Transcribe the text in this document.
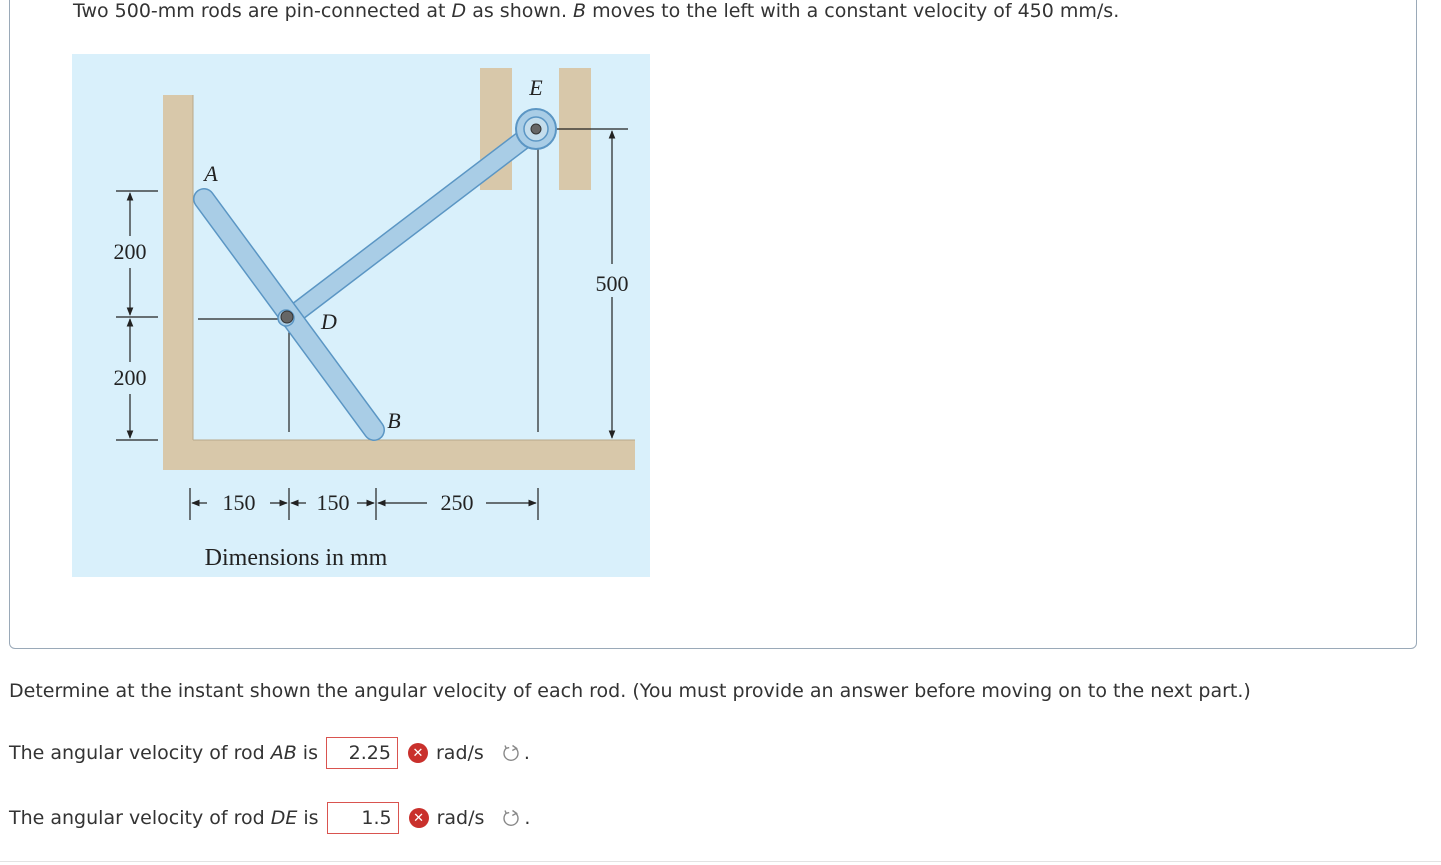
Two 500-mm rods are pin-connected at D as shown. B moves to the left with a constant velocity of 450 mm/s.
A
B
D
E
200
200
500
150	150	250
Dimensions in mm
Determine at the instant shown the angular velocity of each rod. (You must provide an answer before moving on to the next part.)
The angular velocity of rod AB is
2.25	✕ rad/s .
The angular velocity of rod DE is
1.5	✕ rad/s .
